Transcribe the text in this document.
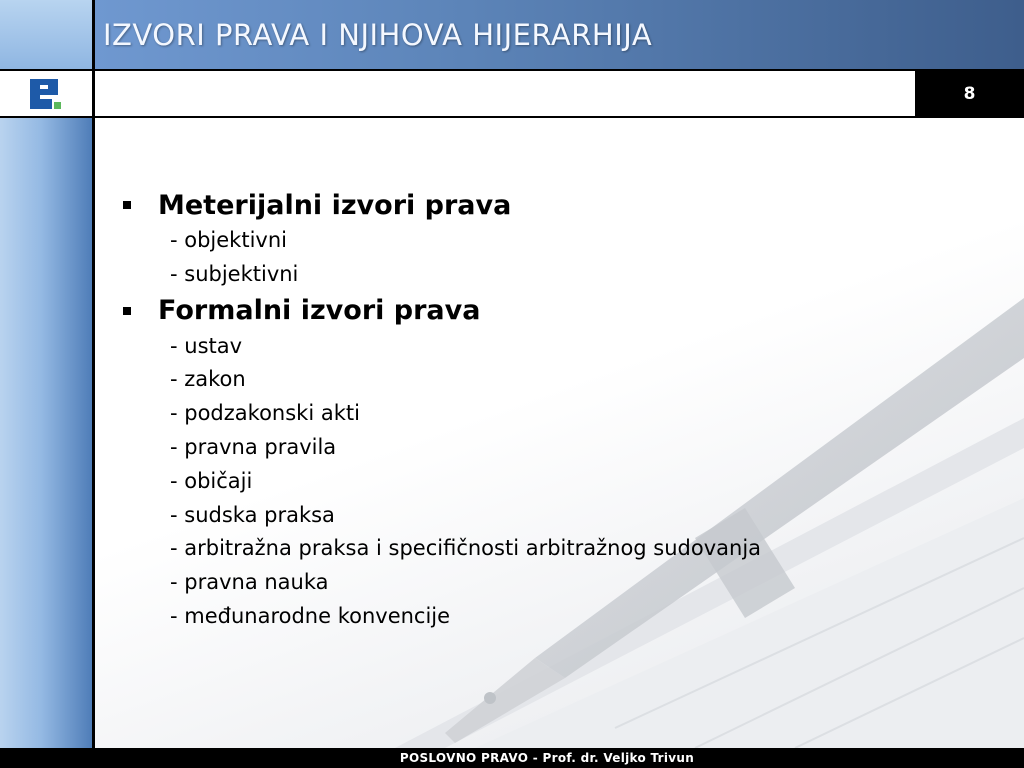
IZVORI PRAVA I NJIHOVA HIJERARHIJA
8
Meterijalni izvori prava
- objektivni
- subjektivni
Formalni izvori prava
- ustav
- zakon
- podzakonski akti
- pravna pravila
- običaji
- sudska praksa
- arbitražna praksa i specifičnosti arbitražnog sudovanja
- pravna nauka
- međunarodne konvencije
POSLOVNO PRAVO - Prof. dr. Veljko Trivun
